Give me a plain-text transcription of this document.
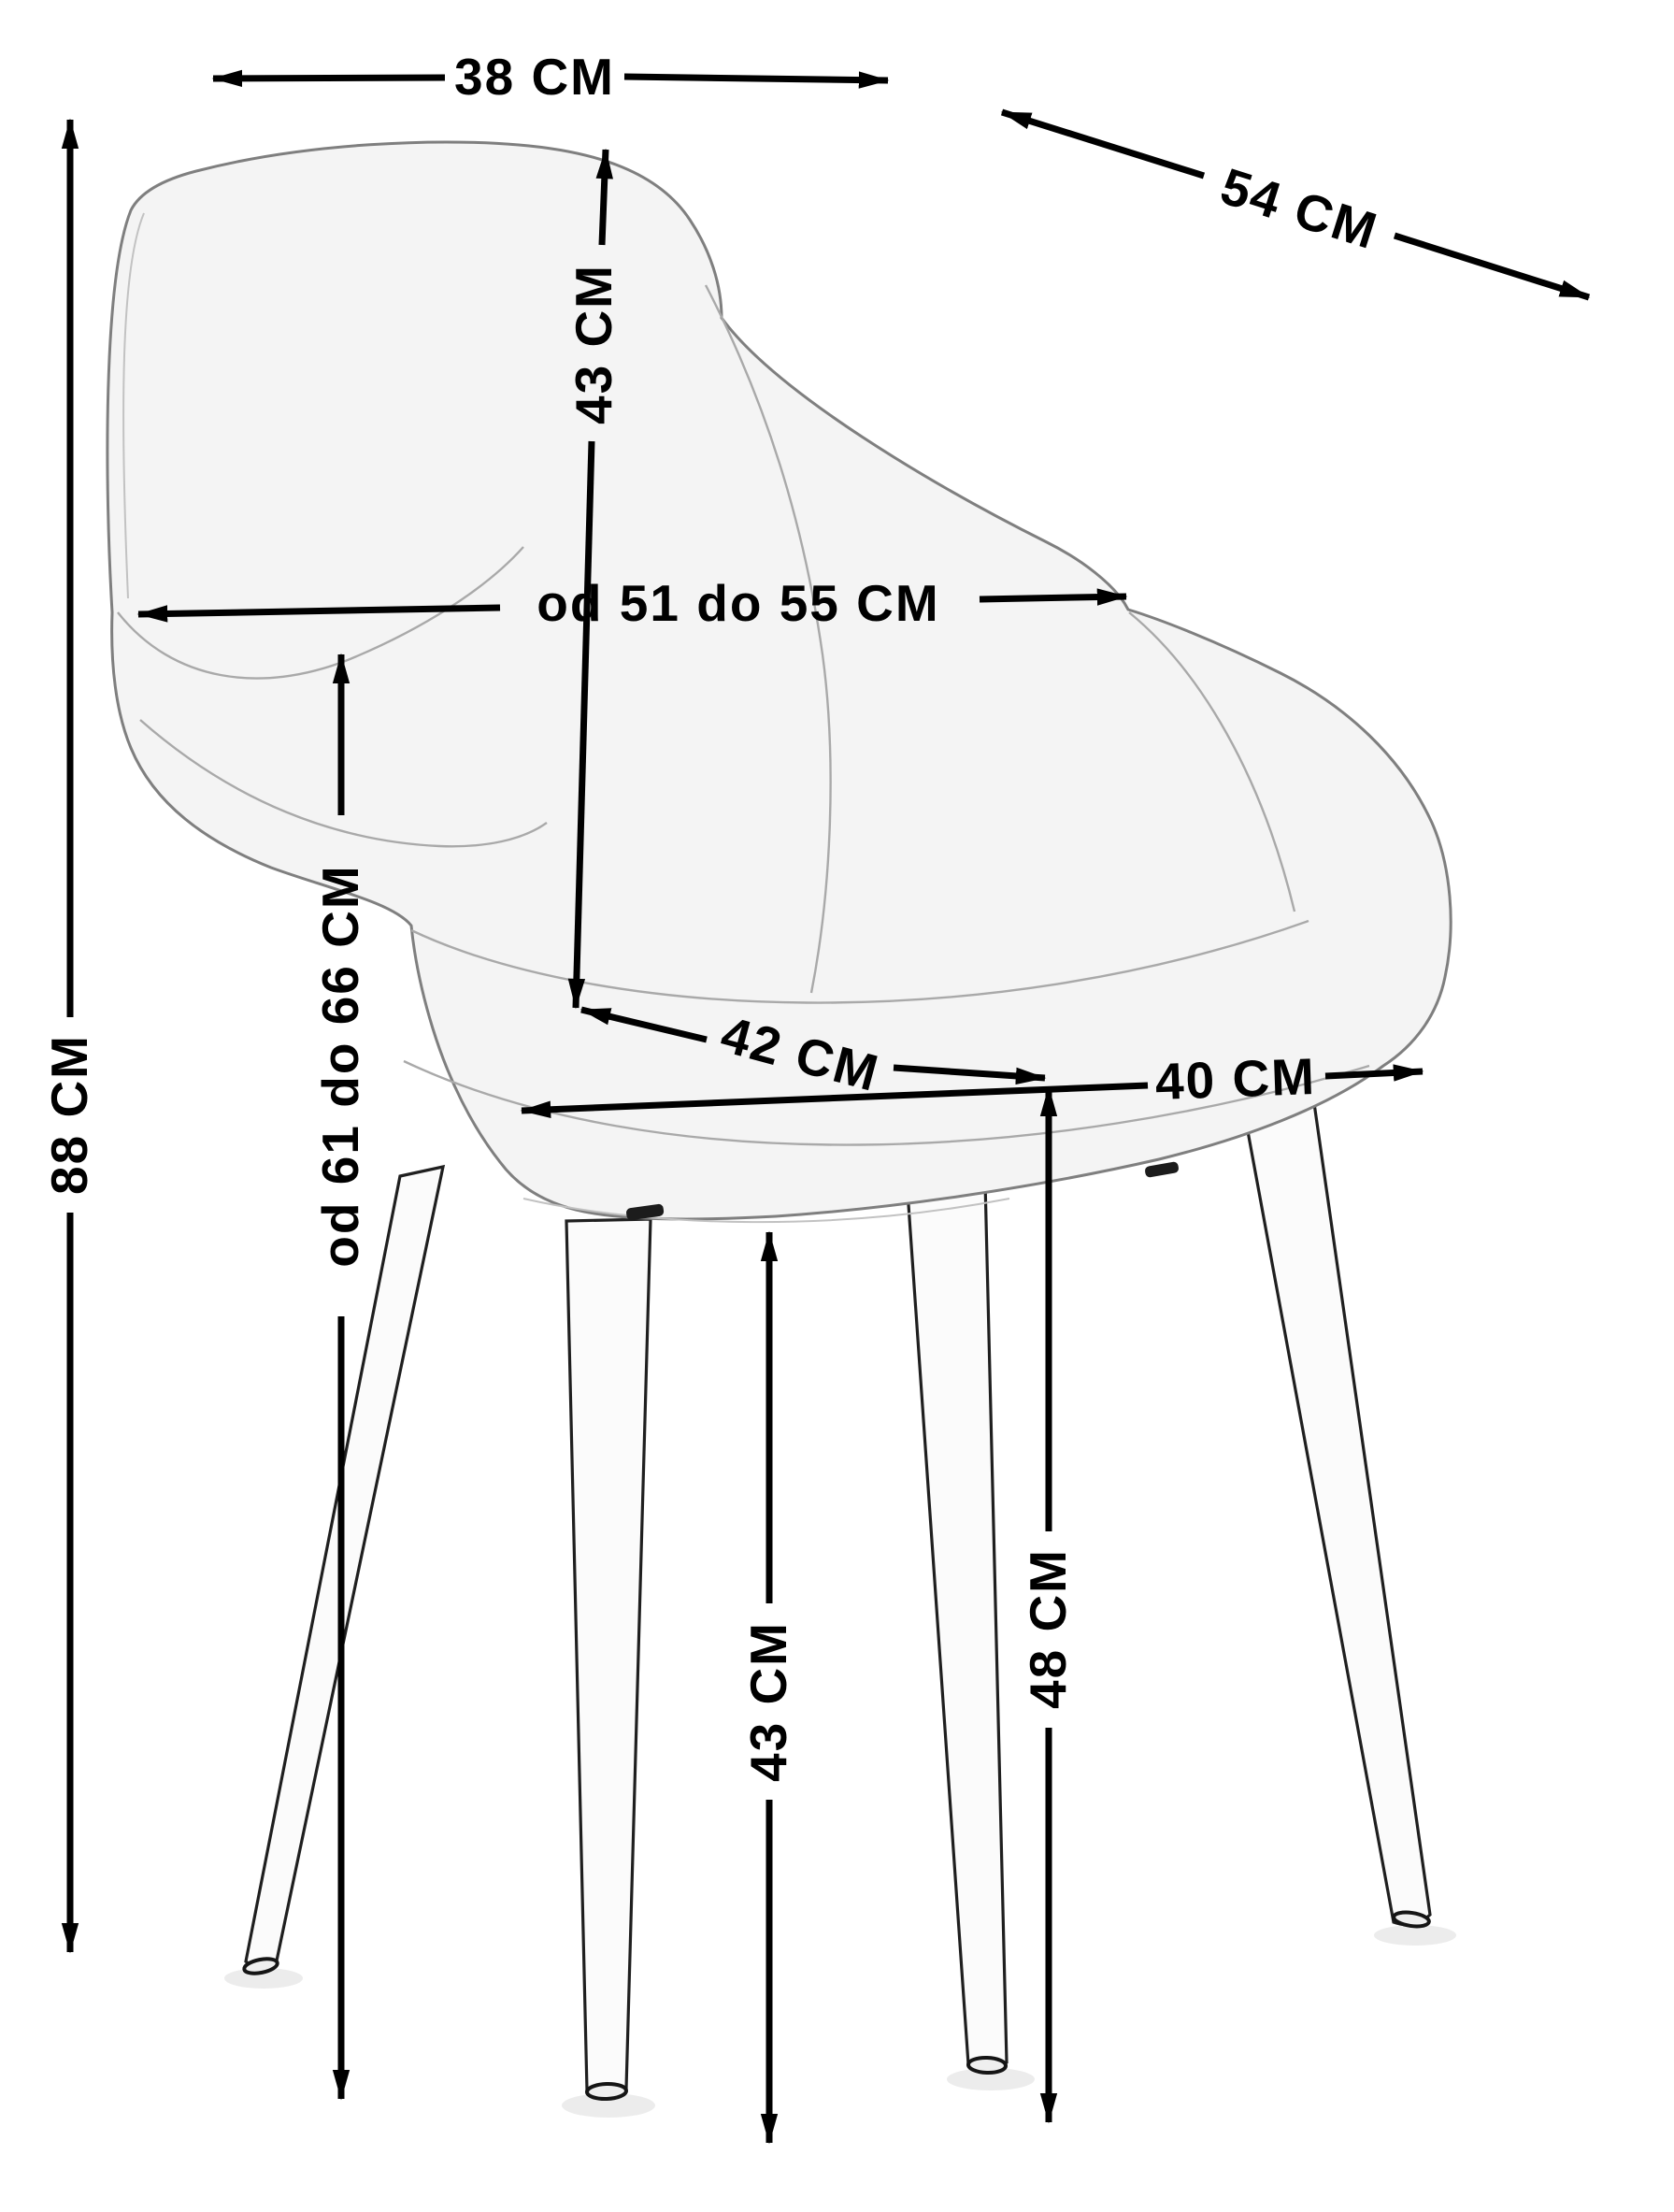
38 CM
54 CM
43 CM
od 51 do 55 CM
od 61 do 66 CM
88 CM	42 CM	40 CM
43 CM	48 CM
